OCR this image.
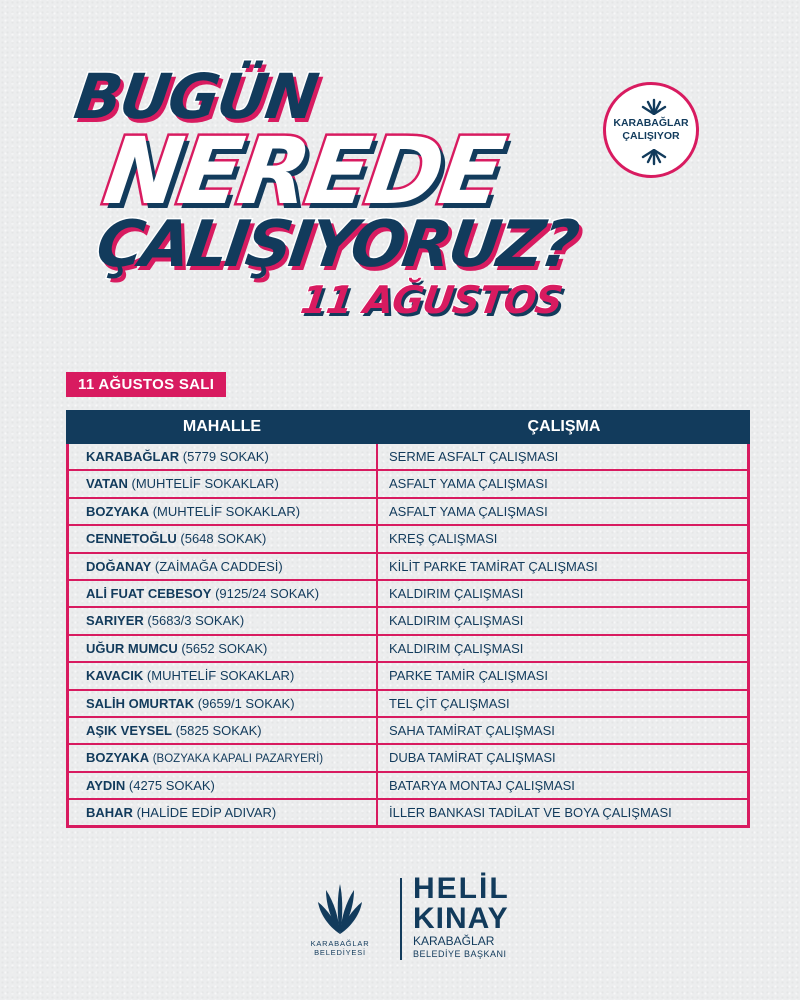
BUGÜN
NEREDE
ÇALIŞIYORUZ?
11 AĞUSTOS
KARABAĞLAR
ÇALIŞIYOR
11 AĞUSTOS SALI
MAHALLE	ÇALIŞMA
KARABAĞLAR (5779 SOKAK)	SERME ASFALT ÇALIŞMASI
VATAN (MUHTELİF SOKAKLAR)	ASFALT YAMA ÇALIŞMASI
BOZYAKA (MUHTELİF SOKAKLAR)	ASFALT YAMA ÇALIŞMASI
CENNETOĞLU (5648 SOKAK)	KREŞ ÇALIŞMASI
DOĞANAY (ZAİMAĞA CADDESİ)	KİLİT PARKE TAMİRAT ÇALIŞMASI
ALİ FUAT CEBESOY (9125/24 SOKAK)	KALDIRIM ÇALIŞMASI
SARIYER (5683/3 SOKAK)	KALDIRIM ÇALIŞMASI
UĞUR MUMCU (5652 SOKAK)	KALDIRIM ÇALIŞMASI
KAVACIK (MUHTELİF SOKAKLAR)	PARKE TAMİR ÇALIŞMASI
SALİH OMURTAK (9659/1 SOKAK)	TEL ÇİT ÇALIŞMASI
AŞIK VEYSEL (5825 SOKAK)	SAHA TAMİRAT ÇALIŞMASI
BOZYAKA (BOZYAKA KAPALI PAZARYERİ)	DUBA TAMİRAT ÇALIŞMASI
AYDIN (4275 SOKAK)	BATARYA MONTAJ ÇALIŞMASI
BAHAR (HALİDE EDİP ADIVAR)	İLLER BANKASI TADİLAT VE BOYA ÇALIŞMASI
KARABAĞLAR BELEDİYESİ
HELİL
KINAY
KARABAĞLAR
BELEDİYE BAŞKANI
